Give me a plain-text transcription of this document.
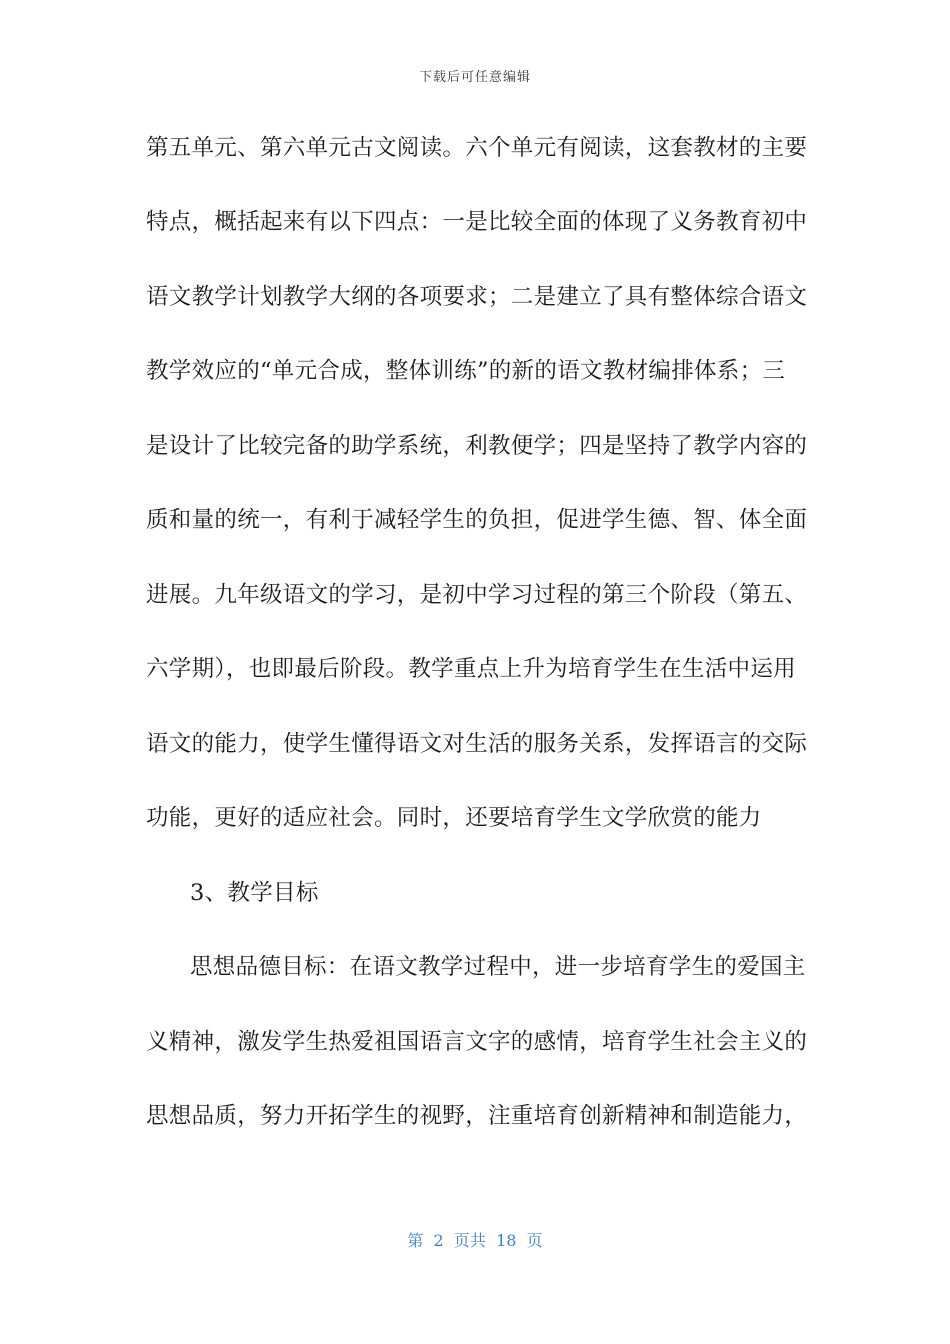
下载后可任意编辑
第五单元、第六单元古文阅读。六个单元有阅读，这套教材的主要
特点，概括起来有以下四点：一是比较全面的体现了义务教育初中
语文教学计划教学大纲的各项要求；二是建立了具有整体综合语文
教学效应的“单元合成，整体训练”的新的语文教材编排体系；三
是设计了比较完备的助学系统，利教便学；四是坚持了教学内容的
质和量的统一，有利于减轻学生的负担，促进学生德、智、体全面
进展。九年级语文的学习，是初中学习过程的第三个阶段（第五、
六学期），也即最后阶段。教学重点上升为培育学生在生活中运用
语文的能力，使学生懂得语文对生活的服务关系，发挥语言的交际
功能，更好的适应社会。同时，还要培育学生文学欣赏的能力
3、教学目标
思想品德目标：在语文教学过程中，进一步培育学生的爱国主
义精神，激发学生热爱祖国语言文字的感情，培育学生社会主义的
思想品质，努力开拓学生的视野，注重培育创新精神和制造能力，
第  2  页共  18  页
